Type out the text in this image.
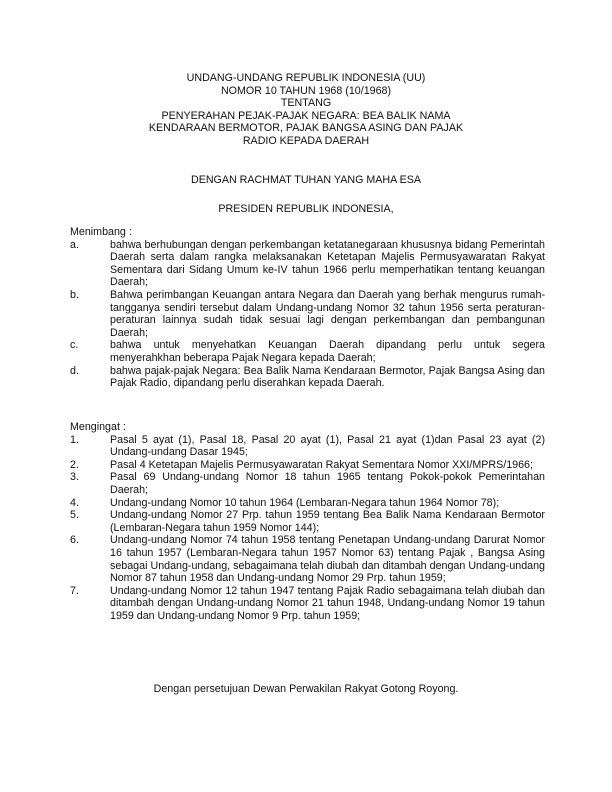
UNDANG-UNDANG REPUBLIK INDONESIA (UU)
NOMOR 10 TAHUN 1968 (10/1968)
TENTANG
PENYERAHAN PEJAK-PAJAK NEGARA: BEA BALIK NAMA
KENDARAAN BERMOTOR, PAJAK BANGSA ASING DAN PAJAK
RADIO KEPADA DAERAH
DENGAN RACHMAT TUHAN YANG MAHA ESA
PRESIDEN REPUBLIK INDONESIA,
Menimbang :
a.	bahwa berhubungan dengan perkembangan ketatanegaraan khususnya bidang Pemerintah Daerah serta dalam rangka melaksanakan Ketetapan Majelis Permusyawaratan Rakyat Sementara dari Sidang Umum ke-IV tahun 1966 perlu memperhatikan tentang keuangan Daerah;
b.	Bahwa perimbangan Keuangan antara Negara dan Daerah yang berhak mengurus rumah-tangganya sendiri tersebut dalam Undang-undang Nomor 32 tahun 1956 serta peraturan-peraturan lainnya sudah tidak sesuai lagi dengan perkembangan dan pembangunan Daerah;
c.	bahwa untuk menyehatkan Keuangan Daerah dipandang perlu untuk segera menyerahkhan beberapa Pajak Negara kepada Daerah;
d.	bahwa pajak-pajak Negara: Bea Balik Nama Kendaraan Bermotor, Pajak Bangsa Asing dan Pajak Radio, dipandang perlu diserahkan kepada Daerah.
Mengingat :
1.	Pasal 5 ayat (1), Pasal 18, Pasal 20 ayat (1), Pasal 21 ayat (1)dan Pasal 23 ayat (2) Undang-undang Dasar 1945;
2.	Pasal 4 Ketetapan Majelis Permusyawaratan Rakyat Sementara Nomor XXI/MPRS/1966;
3.	Pasal 69 Undang-undang Nomor 18 tahun 1965 tentang Pokok-pokok Pemerintahan Daerah;
4.	Undang-undang Nomor 10 tahun 1964 (Lembaran-Negara tahun 1964 Nomor 78);
5.	Undang-undang Nomor 27 Prp. tahun 1959 tentang Bea Balik Nama Kendaraan Bermotor (Lembaran-Negara tahun 1959 Nomor 144);
6.	Undang-undang Nomor 74 tahun 1958 tentang Penetapan Undang-undang Darurat Nomor 16 tahun 1957 (Lembaran-Negara tahun 1957 Nomor 63) tentang Pajak , Bangsa Asing sebagai Undang-undang, sebagaimana telah diubah dan ditambah dengan Undang-undang Nomor 87 tahun 1958 dan Undang-undang Nomor 29 Prp. tahun 1959;
7.	Undang-undang Nomor 12 tahun 1947 tentang Pajak Radio sebagaimana telah diubah dan ditambah dengan Undang-undang Nomor 21 tahun 1948, Undang-undang Nomor 19 tahun 1959 dan Undang-undang Nomor 9 Prp. tahun 1959;
Dengan persetujuan Dewan Perwakilan Rakyat Gotong Royong.
